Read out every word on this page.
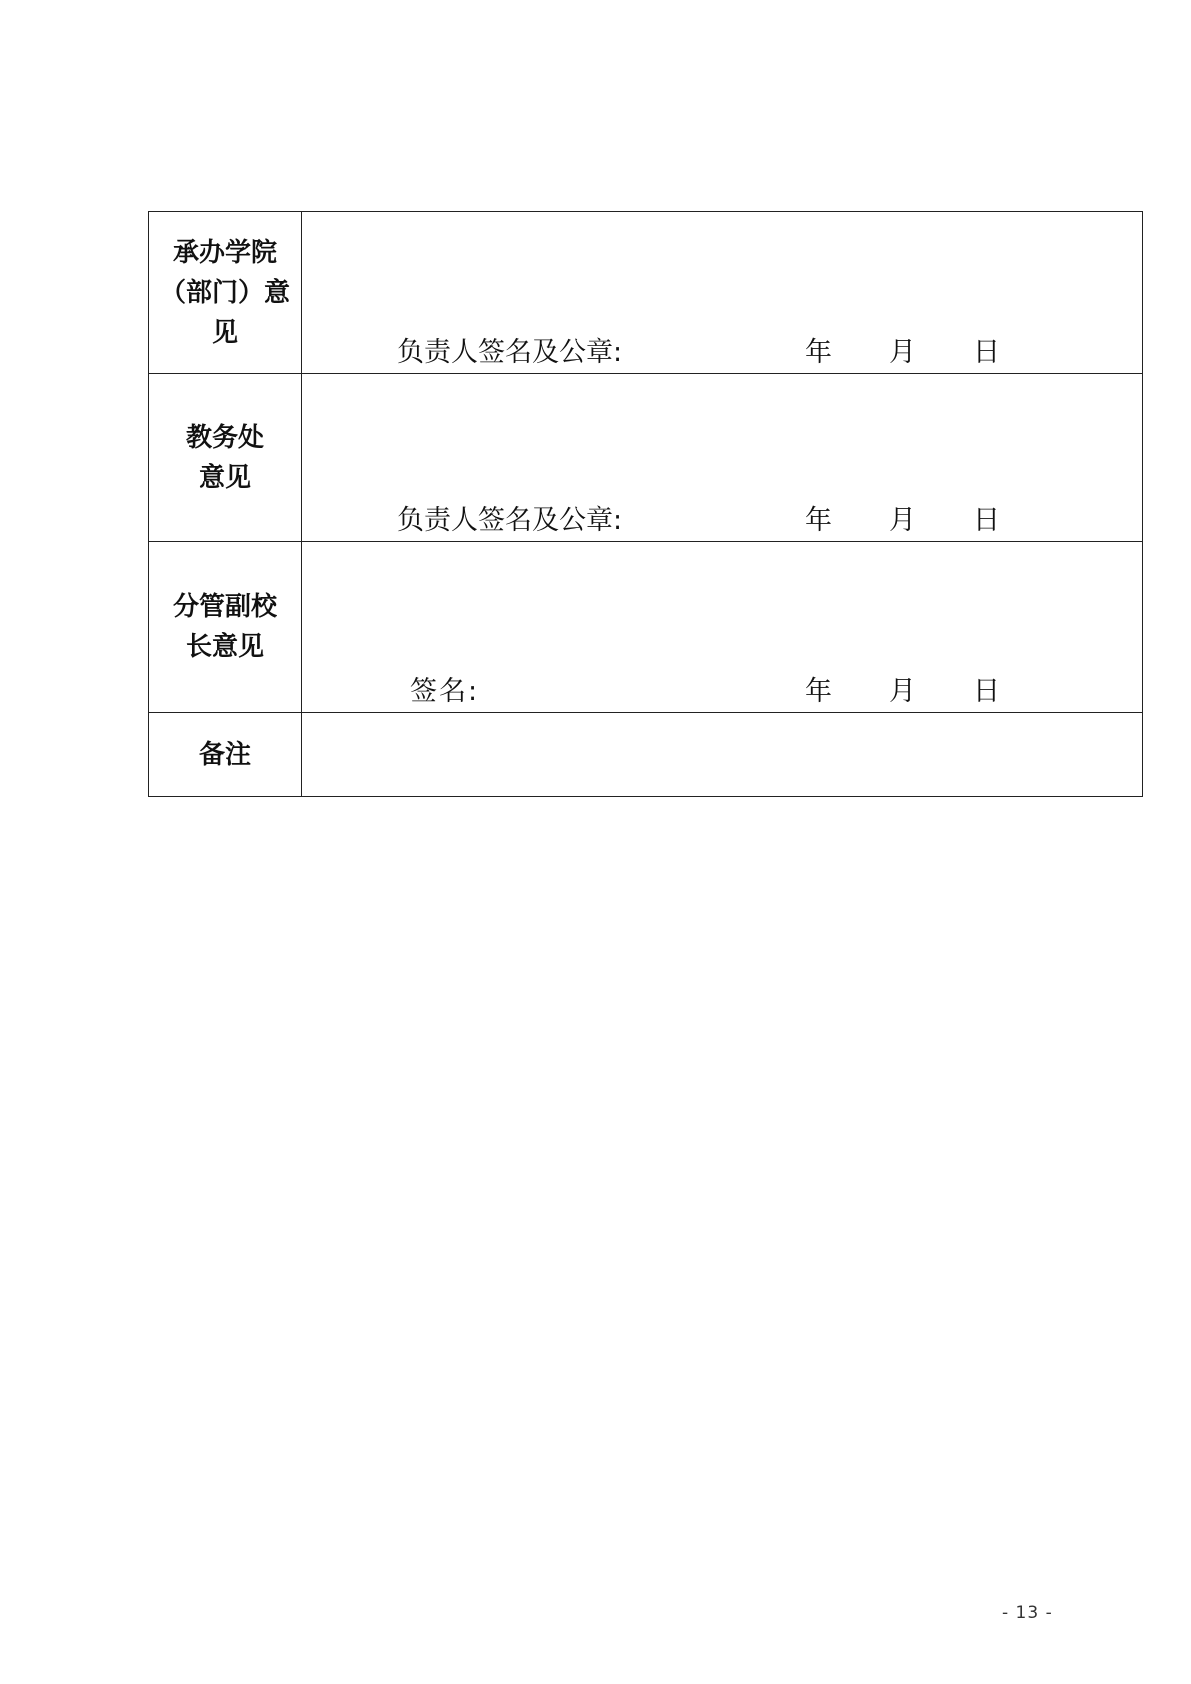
承办学院
（部门）意
见	负责人签名及公章: 年 月 日

教务处
意见	负责人签名及公章: 年 月 日

分管副校
长意见	签名: 年 月 日

备注	

- 13 -
